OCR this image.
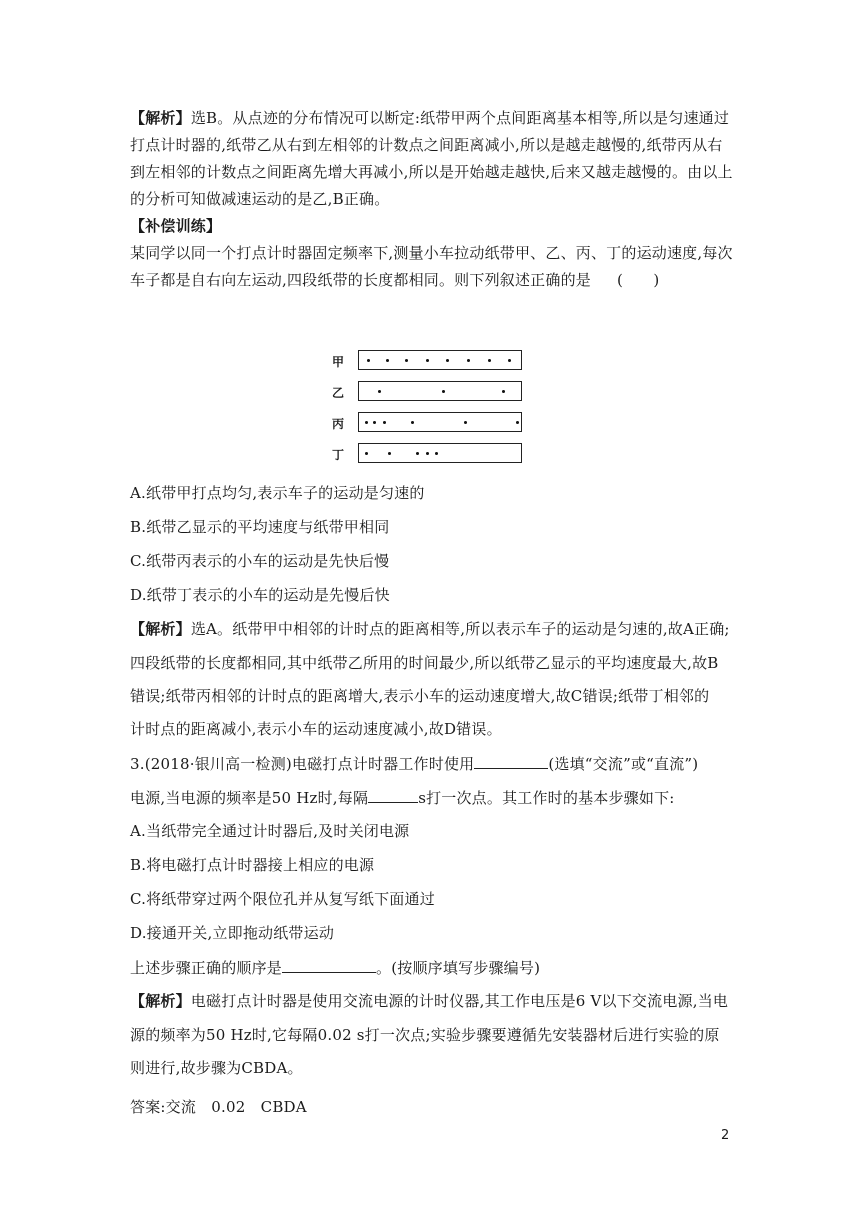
【解析】选B。从点迹的分布情况可以断定:纸带甲两个点间距离基本相等,所以是匀速通过
打点计时器的,纸带乙从右到左相邻的计数点之间距离减小,所以是越走越慢的,纸带丙从右
到左相邻的计数点之间距离先增大再减小,所以是开始越走越快,后来又越走越慢的。由以上
的分析可知做减速运动的是乙,B正确。
【补偿训练】
某同学以同一个打点计时器固定频率下,测量小车拉动纸带甲、乙、丙、丁的运动速度,每次
车子都是自右向左运动,四段纸带的长度都相同。则下列叙述正确的是 (　　)
甲
乙
丙
丁
A.纸带甲打点均匀,表示车子的运动是匀速的
B.纸带乙显示的平均速度与纸带甲相同
C.纸带丙表示的小车的运动是先快后慢
D.纸带丁表示的小车的运动是先慢后快
【解析】选A。纸带甲中相邻的计时点的距离相等,所以表示车子的运动是匀速的,故A正确;
四段纸带的长度都相同,其中纸带乙所用的时间最少,所以纸带乙显示的平均速度最大,故B
错误;纸带丙相邻的计时点的距离增大,表示小车的运动速度增大,故C错误;纸带丁相邻的
计时点的距离减小,表示小车的运动速度减小,故D错误。
3.(2018·银川高一检测)电磁打点计时器工作时使用	(选填“交流”或“直流”)
电源,当电源的频率是50 Hz时,每隔	s打一次点。其工作时的基本步骤如下:
A.当纸带完全通过计时器后,及时关闭电源
B.将电磁打点计时器接上相应的电源
C.将纸带穿过两个限位孔并从复写纸下面通过
D.接通开关,立即拖动纸带运动
上述步骤正确的顺序是	。(按顺序填写步骤编号)
【解析】电磁打点计时器是使用交流电源的计时仪器,其工作电压是6 V以下交流电源,当电
源的频率为50 Hz时,它每隔0.02 s打一次点;实验步骤要遵循先安装器材后进行实验的原
则进行,故步骤为CBDA。
答案:交流　0.02　CBDA
2
